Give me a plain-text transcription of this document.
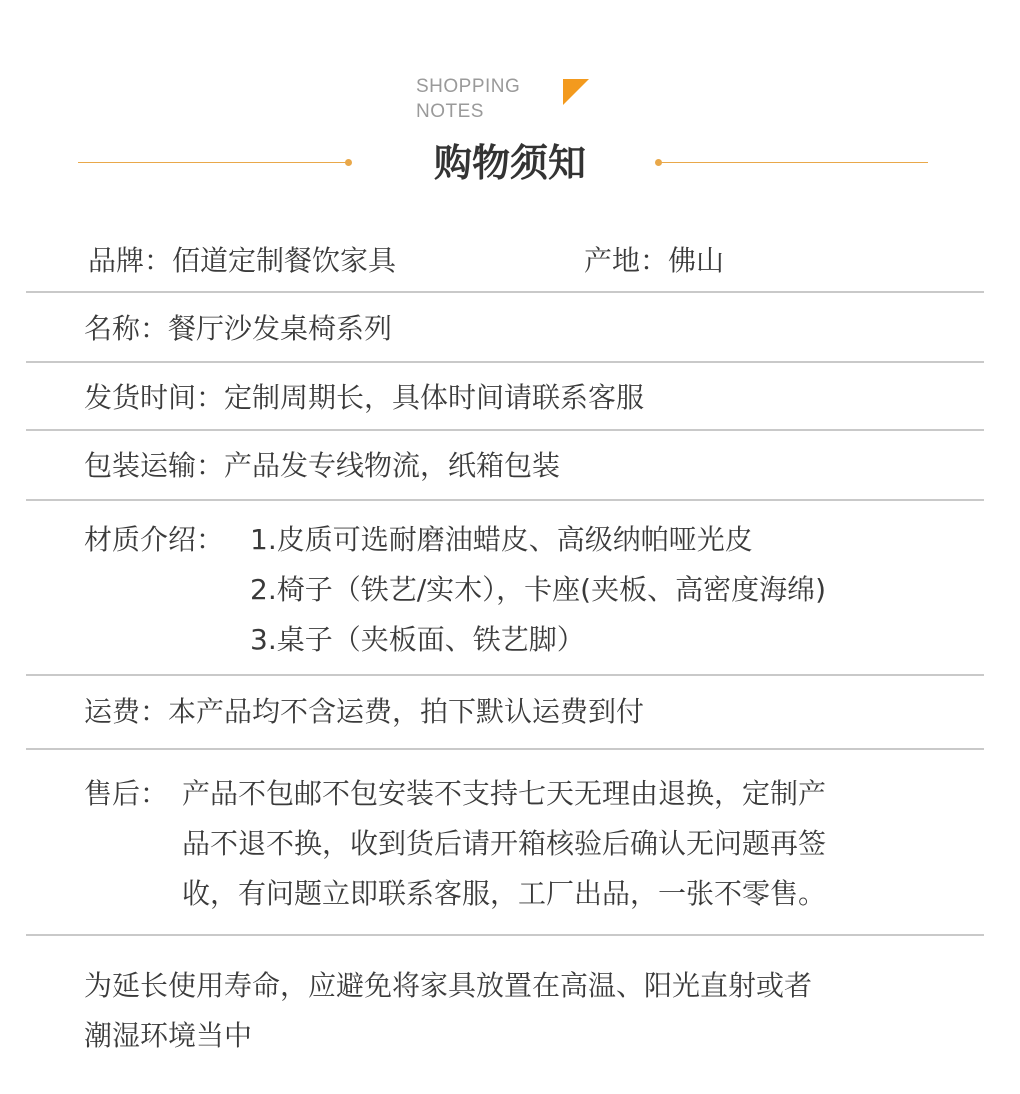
SHOPPING
NOTES
购物须知
品牌：佰道定制餐饮家具	产地：佛山
名称：餐厅沙发桌椅系列
发货时间：定制周期长，具体时间请联系客服
包装运输：产品发专线物流，纸箱包装
材质介绍： 1.皮质可选耐磨油蜡皮、高级纳帕哑光皮
2.椅子（铁艺/实木），卡座(夹板、高密度海绵)
3.桌子（夹板面、铁艺脚）
运费：本产品均不含运费，拍下默认运费到付
售后： 产品不包邮不包安装不支持七天无理由退换，定制产
品不退不换，收到货后请开箱核验后确认无问题再签
收，有问题立即联系客服，工厂出品，一张不零售。
为延长使用寿命，应避免将家具放置在高温、阳光直射或者
潮湿环境当中
